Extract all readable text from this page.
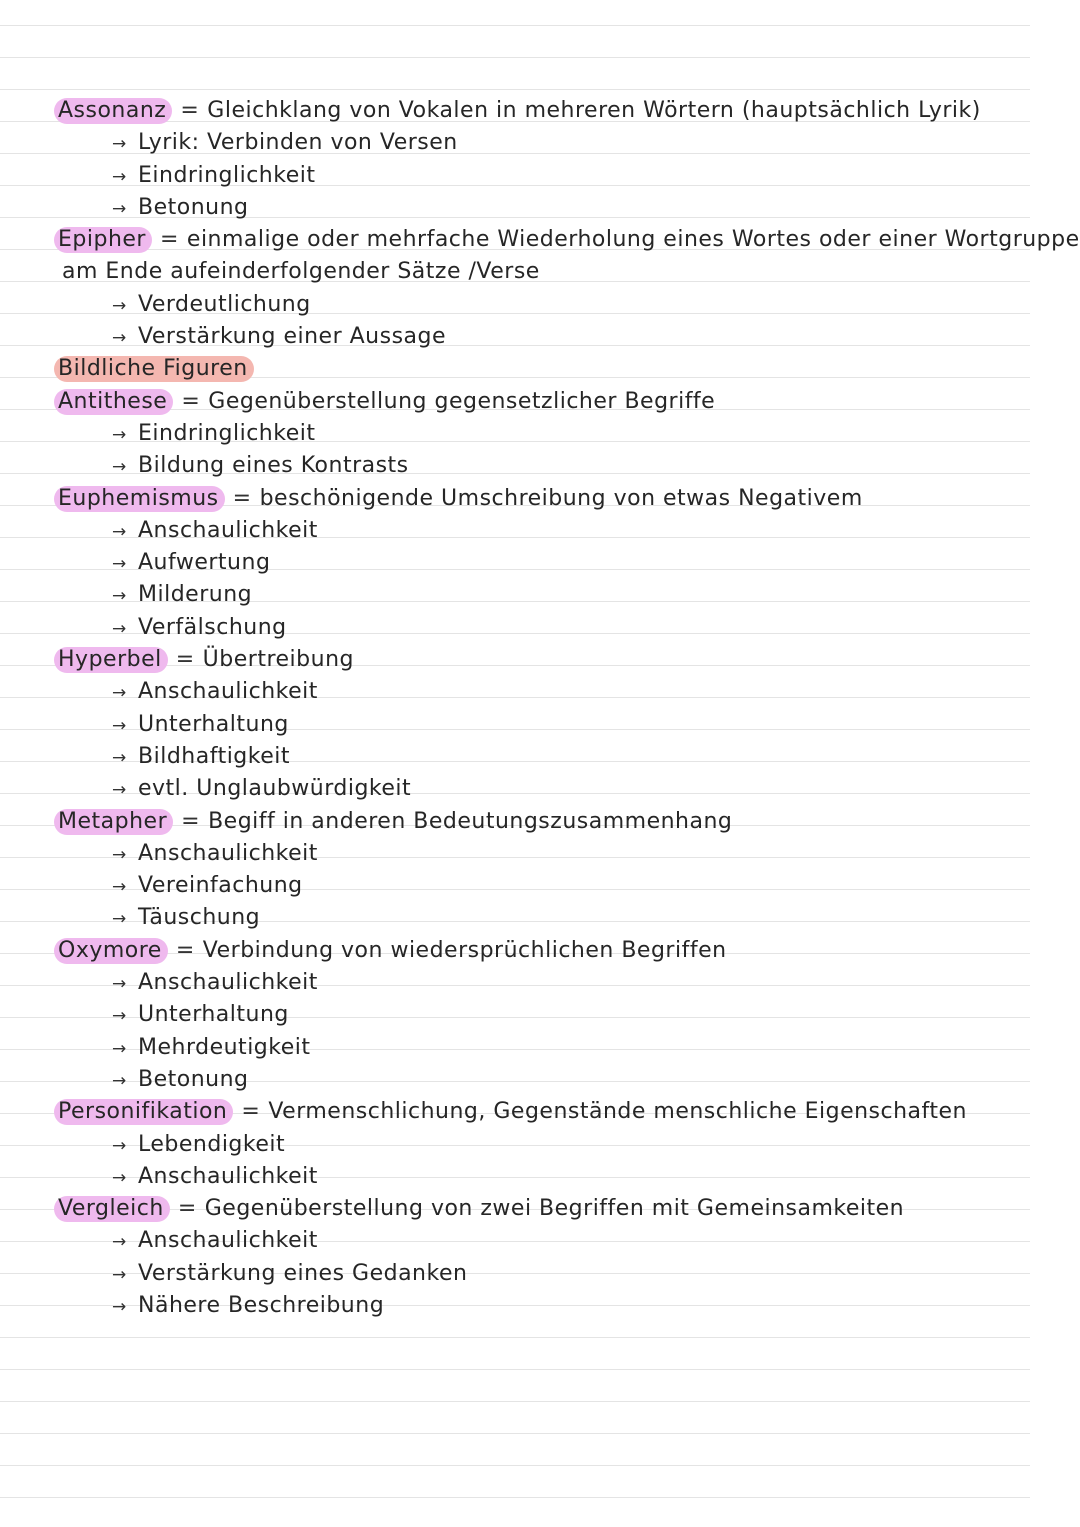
Assonanz = Gleichklang von Vokalen in mehreren Wörtern (hauptsächlich Lyrik)
→ Lyrik: Verbinden von Versen
→ Eindringlichkeit
→ Betonung
Epipher = einmalige oder mehrfache Wiederholung eines Wortes oder einer Wortgruppe
am Ende aufeinderfolgender Sätze /Verse
→ Verdeutlichung
→ Verstärkung einer Aussage
Bildliche Figuren
Antithese = Gegenüberstellung gegensetzlicher Begriffe
→ Eindringlichkeit
→ Bildung eines Kontrasts
Euphemismus = beschönigende Umschreibung von etwas Negativem
→ Anschaulichkeit
→ Aufwertung
→ Milderung
→ Verfälschung
Hyperbel = Übertreibung
→ Anschaulichkeit
→ Unterhaltung
→ Bildhaftigkeit
→ evtl. Unglaubwürdigkeit
Metapher = Begiff in anderen Bedeutungszusammenhang
→ Anschaulichkeit
→ Vereinfachung
→ Täuschung
Oxymore = Verbindung von wiedersprüchlichen Begriffen
→ Anschaulichkeit
→ Unterhaltung
→ Mehrdeutigkeit
→ Betonung
Personifikation = Vermenschlichung, Gegenstände menschliche Eigenschaften
→ Lebendigkeit
→ Anschaulichkeit
Vergleich = Gegenüberstellung von zwei Begriffen mit Gemeinsamkeiten
→ Anschaulichkeit
→ Verstärkung eines Gedanken
→ Nähere Beschreibung
